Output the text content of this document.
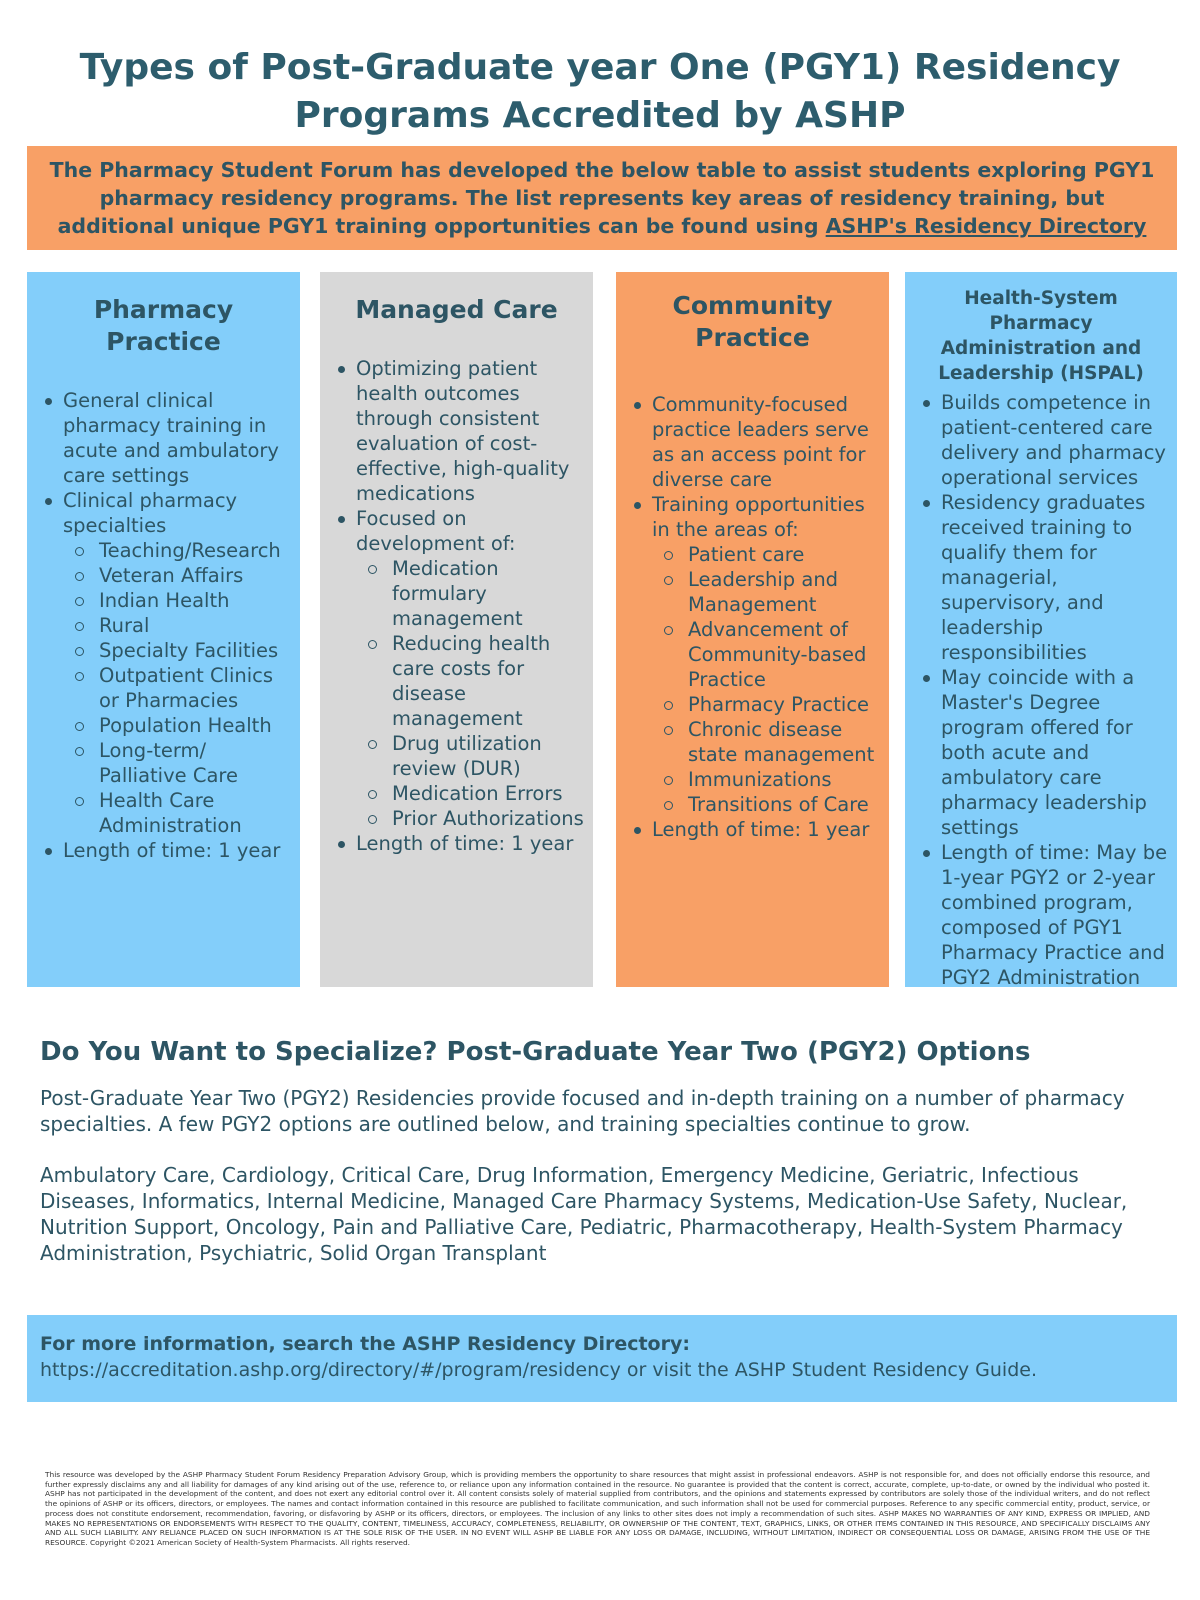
Types of Post-Graduate year One (PGY1) Residency Programs Accredited by ASHP
The Pharmacy Student Forum has developed the below table to assist students exploring PGY1 pharmacy residency programs. The list represents key areas of residency training, but additional unique PGY1 training opportunities can be found using ASHP's Residency Directory
Pharmacy Practice
General clinical pharmacy training in acute and ambulatory care settings
Clinical pharmacy specialties
Teaching/Research
Veteran Affairs
Indian Health
Rural
Specialty Facilities
Outpatient Clinics or Pharmacies
Population Health
Long-term/ Palliative Care
Health Care Administration
Length of time: 1 year
Managed Care
Optimizing patient health outcomes through consistent evaluation of cost-effective, high-quality medications
Focused on development of:
Medication formulary management
Reducing health care costs for disease management
Drug utilization review (DUR)
Medication Errors
Prior Authorizations
Length of time: 1 year
Community Practice
Community-focused practice leaders serve as an access point for diverse care
Training opportunities in the areas of:
Patient care
Leadership and Management
Advancement of Community-based Practice
Pharmacy Practice
Chronic disease state management
Immunizations
Transitions of Care
Length of time: 1 year
Health-System Pharmacy Administration and Leadership (HSPAL)
Builds competence in patient-centered care delivery and pharmacy operational services
Residency graduates received training to qualify them for managerial, supervisory, and leadership responsibilities
May coincide with a Master's Degree program offered for both acute and ambulatory care pharmacy leadership settings
Length of time: May be 1-year PGY2 or 2-year combined program, composed of PGY1 Pharmacy Practice and PGY2 Administration
Do You Want to Specialize? Post-Graduate Year Two (PGY2) Options

Post-Graduate Year Two (PGY2) Residencies provide focused and in-depth training on a number of pharmacy specialties. A few PGY2 options are outlined below, and training specialties continue to grow.

Ambulatory Care, Cardiology, Critical Care, Drug Information, Emergency Medicine, Geriatric, Infectious Diseases, Informatics, Internal Medicine, Managed Care Pharmacy Systems, Medication-Use Safety, Nuclear, Nutrition Support, Oncology, Pain and Palliative Care, Pediatric, Pharmacotherapy, Health-System Pharmacy Administration, Psychiatric, Solid Organ Transplant

For more information, search the ASHP Residency Directory:
https://accreditation.ashp.org/directory/#/program/residency or visit the ASHP Student Residency Guide.

This resource was developed by the ASHP Pharmacy Student Forum Residency Preparation Advisory Group, which is providing members the opportunity to share resources that might assist in professional endeavors. ASHP is not responsible for, and does not officially endorse this resource, and further expressly disclaims any and all liability for damages of any kind arising out of the use, reference to, or reliance upon any information contained in the resource. No guarantee is provided that the content is correct, accurate, complete, up-to-date, or owned by the individual who posted it. ASHP has not participated in the development of the content, and does not exert any editorial control over it. All content consists solely of material supplied from contributors, and the opinions and statements expressed by contributors are solely those of the individual writers, and do not reflect the opinions of ASHP or its officers, directors, or employees. The names and contact information contained in this resource are published to facilitate communication, and such information shall not be used for commercial purposes. Reference to any specific commercial entity, product, service, or process does not constitute endorsement, recommendation, favoring, or disfavoring by ASHP or its officers, directors, or employees. The inclusion of any links to other sites does not imply a recommendation of such sites. ASHP MAKES NO WARRANTIES OF ANY KIND, EXPRESS OR IMPLIED, AND MAKES NO REPRESENTATIONS OR ENDORSEMENTS WITH RESPECT TO THE QUALITY, CONTENT, TIMELINESS, ACCURACY, COMPLETENESS, RELIABILITY, OR OWNERSHIP OF THE CONTENT, TEXT, GRAPHICS, LINKS, OR OTHER ITEMS CONTAINED IN THIS RESOURCE, AND SPECIFICALLY DISCLAIMS ANY AND ALL SUCH LIABILITY. ANY RELIANCE PLACED ON SUCH INFORMATION IS AT THE SOLE RISK OF THE USER. IN NO EVENT WILL ASHP BE LIABLE FOR ANY LOSS OR DAMAGE, INCLUDING, WITHOUT LIMITATION, INDIRECT OR CONSEQUENTIAL LOSS OR DAMAGE, ARISING FROM THE USE OF THE RESOURCE. Copyright ©2021 American Society of Health-System Pharmacists. All rights reserved.
